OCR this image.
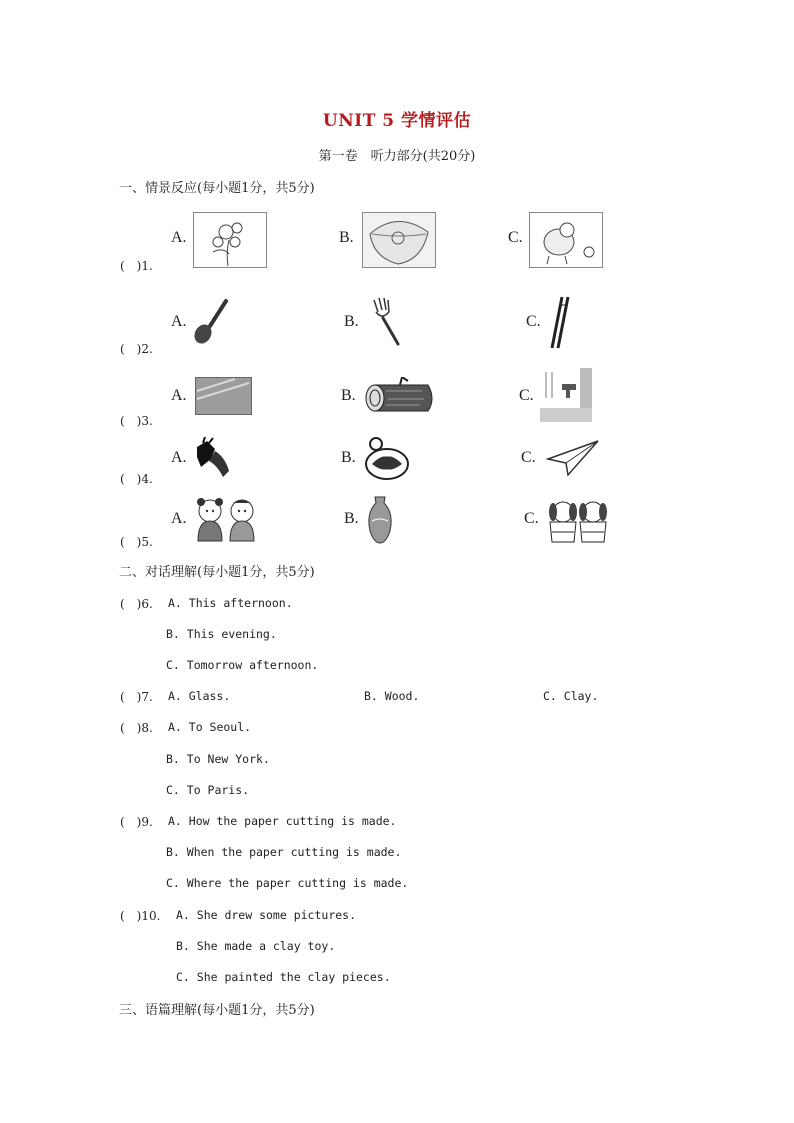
UNIT 5 学情评估
第一卷　听力部分(共20分)
一、情景反应(每小题1分，共5分)
(　)1.
A.	B.	C.
(　)2.
A.	B.	C.
(　)3.
A.	B.	C.
(　)4.
A.	B.	C.
(　)5.
A.	B.	C.
二、对话理解(每小题1分，共5分)
(　)6. A. This afternoon.
B. This evening.
C. Tomorrow afternoon.
(　)7. A. Glass.	B. Wood.	C. Clay.
(　)8. A. To Seoul.
B. To New York.
C. To Paris.
(　)9. A. How the paper cutting is made.
B. When the paper cutting is made.
C. Where the paper cutting is made.
(　)10. A. She drew some pictures.
B. She made a clay toy.
C. She painted the clay pieces.
三、语篇理解(每小题1分，共5分)
